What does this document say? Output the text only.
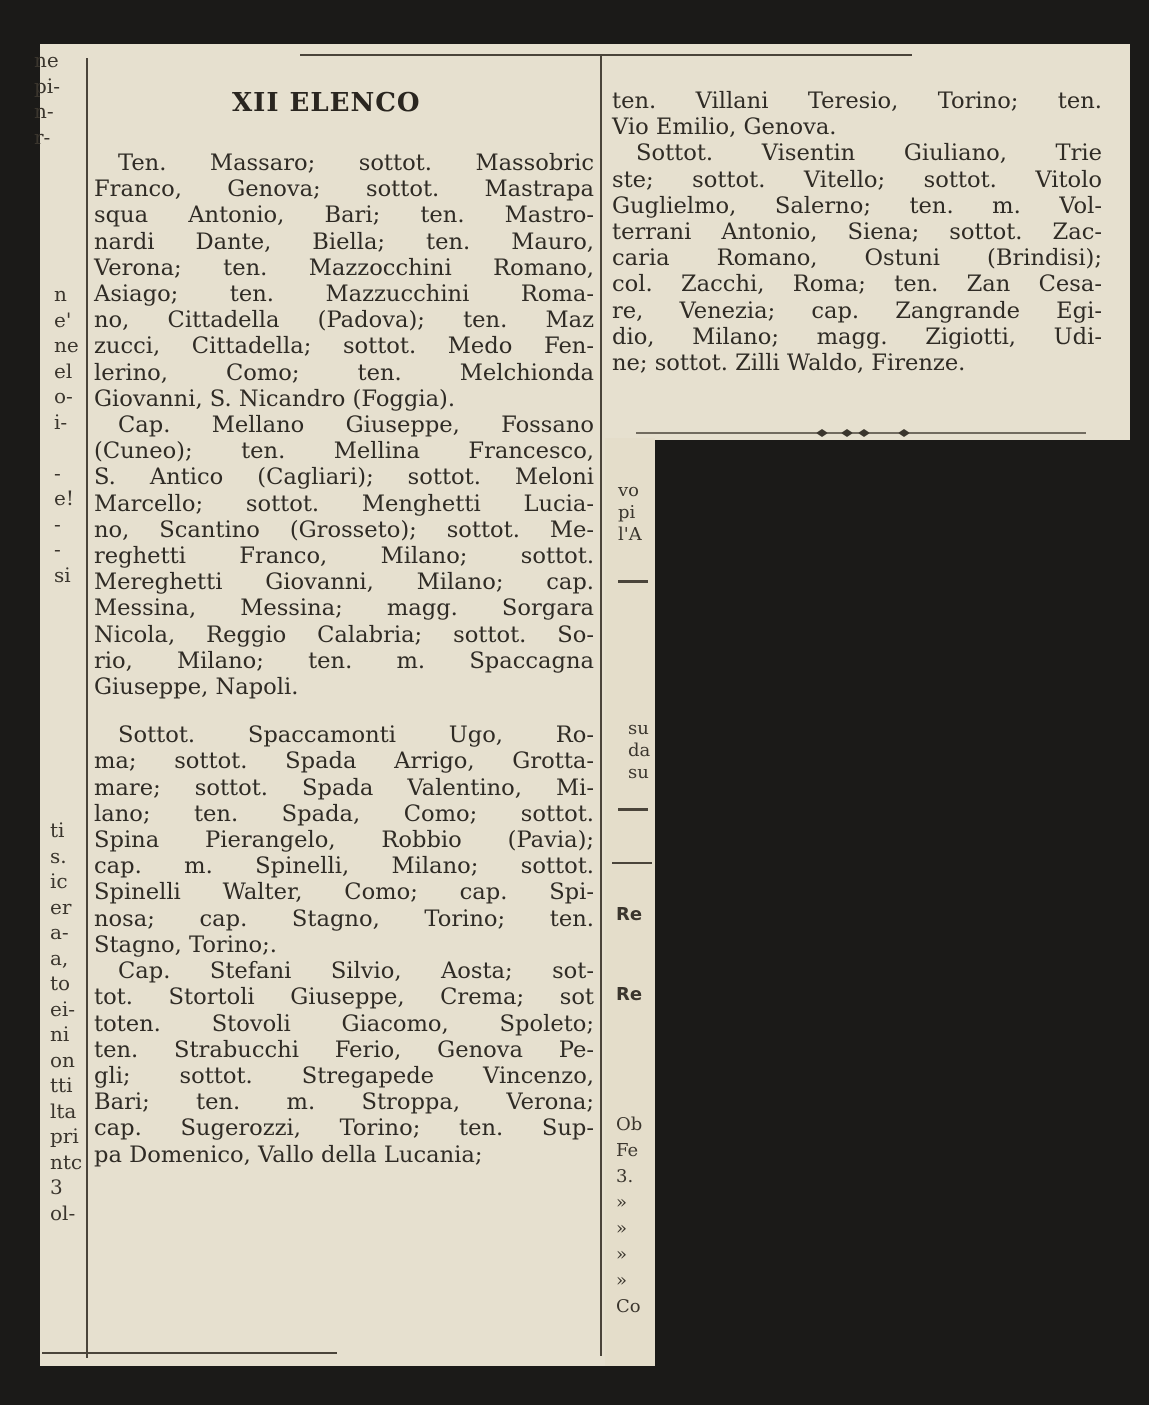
XII ELENCO

Ten. Massaro; sottot. Massobric
Franco, Genova; sottot. Mastrapa
squa Antonio, Bari; ten. Mastro-
nardi Dante, Biella; ten. Mauro,
Verona; ten. Mazzocchini Romano,
Asiago; ten. Mazzucchini Roma-
no, Cittadella (Padova); ten. Maz
zucci, Cittadella; sottot. Medo Fen-
lerino, Como; ten. Melchionda
Giovanni, S. Nicandro (Foggia).

Cap. Mellano Giuseppe, Fossano
(Cuneo); ten. Mellina Francesco,
S. Antico (Cagliari); sottot. Meloni
Marcello; sottot. Menghetti Lucia-
no, Scantino (Grosseto); sottot. Me-
reghetti Franco, Milano; sottot.
Mereghetti Giovanni, Milano; cap.
Messina, Messina; magg. Sorgara
Nicola, Reggio Calabria; sottot. So-
rio, Milano; ten. m. Spaccagna
Giuseppe, Napoli.

Sottot. Spaccamonti Ugo, Ro-
ma; sottot. Spada Arrigo, Grotta-
mare; sottot. Spada Valentino, Mi-
lano; ten. Spada, Como; sottot.
Spina Pierangelo, Robbio (Pavia);
cap. m. Spinelli, Milano; sottot.
Spinelli Walter, Como; cap. Spi-
nosa; cap. Stagno, Torino; ten.
Stagno, Torino;.

Cap. Stefani Silvio, Aosta; sot-
tot. Stortoli Giuseppe, Crema; sot
toten. Stovoli Giacomo, Spoleto;
ten. Strabucchi Ferio, Genova Pe-
gli; sottot. Stregapede Vincenzo,
Bari; ten. m. Stroppa, Verona;
cap. Sugerozzi, Torino; ten. Sup-
pa Domenico, Vallo della Lucania;

ten. Villani Teresio, Torino; ten.
Vio Emilio, Genova.

Sottot. Visentin Giuliano, Trie
ste; sottot. Vitello; sottot. Vitolo
Guglielmo, Salerno; ten. m. Vol-
terrani Antonio, Siena; sottot. Zac-
caria Romano, Ostuni (Brindisi);
col. Zacchi, Roma; ten. Zan Cesa-
re, Venezia; cap. Zangrande Egi-
dio, Milano; magg. Zigiotti, Udi-
ne; sottot. Zilli Waldo, Firenze.

ne
pi-
n-
r-
n
e'
ne
el
o-
i-

-
e!
-
-
si
ti
s.
ic
er
a-
a,
to
ei-
ni
on
tti
lta
pri
ntc
3
ol-
vo
pi
l'A
su
da
su
Re
Re
Ob
Fe
3.
»
»
»
»
Co
